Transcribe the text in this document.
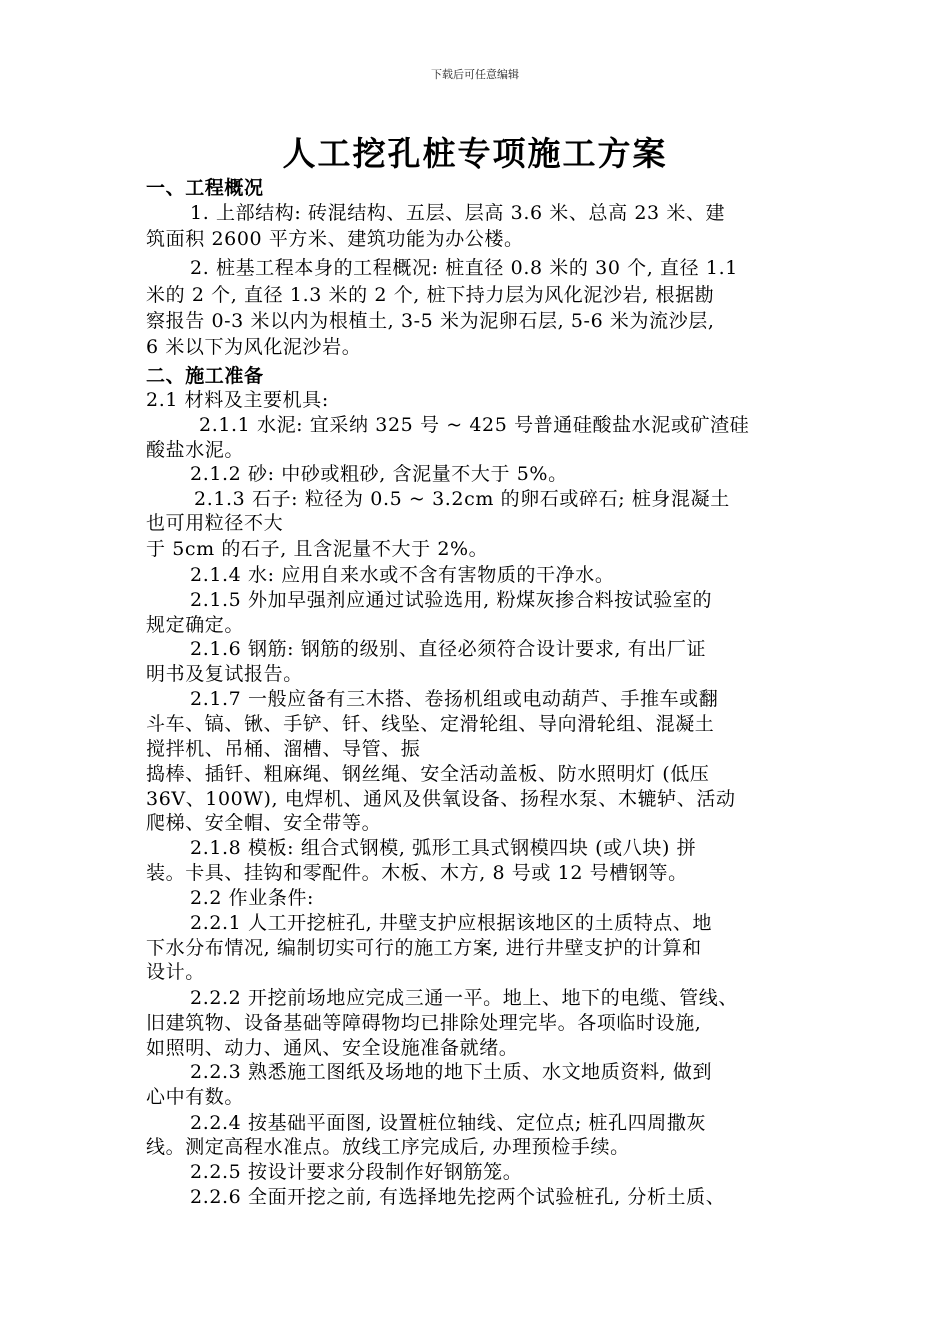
下载后可任意编辑
人工挖孔桩专项施工方案
一、工程概况
1. 上部结构: 砖混结构、五层、层高 3.6 米、总高 23 米、建
筑面积 2600 平方米、建筑功能为办公楼。
2. 桩基工程本身的工程概况: 桩直径 0.8 米的 30 个, 直径 1.1
米的 2 个, 直径 1.3 米的 2 个, 桩下持力层为风化泥沙岩, 根据勘
察报告 0-3 米以内为根植土, 3-5 米为泥卵石层, 5-6 米为流沙层,
6 米以下为风化泥沙岩。
二、施工准备
2.1 材料及主要机具:
2.1.1 水泥: 宜采纳 325 号 ~ 425 号普通硅酸盐水泥或矿渣硅
酸盐水泥。
2.1.2 砂: 中砂或粗砂, 含泥量不大于 5%。
2.1.3 石子: 粒径为 0.5 ~ 3.2cm 的卵石或碎石; 桩身混凝土
也可用粒径不大
于 5cm 的石子, 且含泥量不大于 2%。
2.1.4 水: 应用自来水或不含有害物质的干净水。
2.1.5 外加早强剂应通过试验选用, 粉煤灰掺合料按试验室的
规定确定。
2.1.6 钢筋: 钢筋的级别、直径必须符合设计要求, 有出厂证
明书及复试报告。
2.1.7 一般应备有三木搭、卷扬机组或电动葫芦、手推车或翻
斗车、镐、锹、手铲、钎、线坠、定滑轮组、导向滑轮组、混凝土
搅拌机、吊桶、溜槽、导管、振
捣棒、插钎、粗麻绳、钢丝绳、安全活动盖板、防水照明灯 (低压
36V、100W), 电焊机、通风及供氧设备、扬程水泵、木辘轳、活动
爬梯、安全帽、安全带等。
2.1.8 模板: 组合式钢模, 弧形工具式钢模四块 (或八块) 拼
装。卡具、挂钩和零配件。木板、木方, 8 号或 12 号槽钢等。
2.2 作业条件:
2.2.1 人工开挖桩孔, 井壁支护应根据该地区的土质特点、地
下水分布情况, 编制切实可行的施工方案, 进行井壁支护的计算和
设计。
2.2.2 开挖前场地应完成三通一平。地上、地下的电缆、管线、
旧建筑物、设备基础等障碍物均已排除处理完毕。各项临时设施,
如照明、动力、通风、安全设施准备就绪。
2.2.3 熟悉施工图纸及场地的地下土质、水文地质资料, 做到
心中有数。
2.2.4 按基础平面图, 设置桩位轴线、定位点; 桩孔四周撒灰
线。测定高程水准点。放线工序完成后, 办理预检手续。
2.2.5 按设计要求分段制作好钢筋笼。
2.2.6 全面开挖之前, 有选择地先挖两个试验桩孔, 分析土质、
